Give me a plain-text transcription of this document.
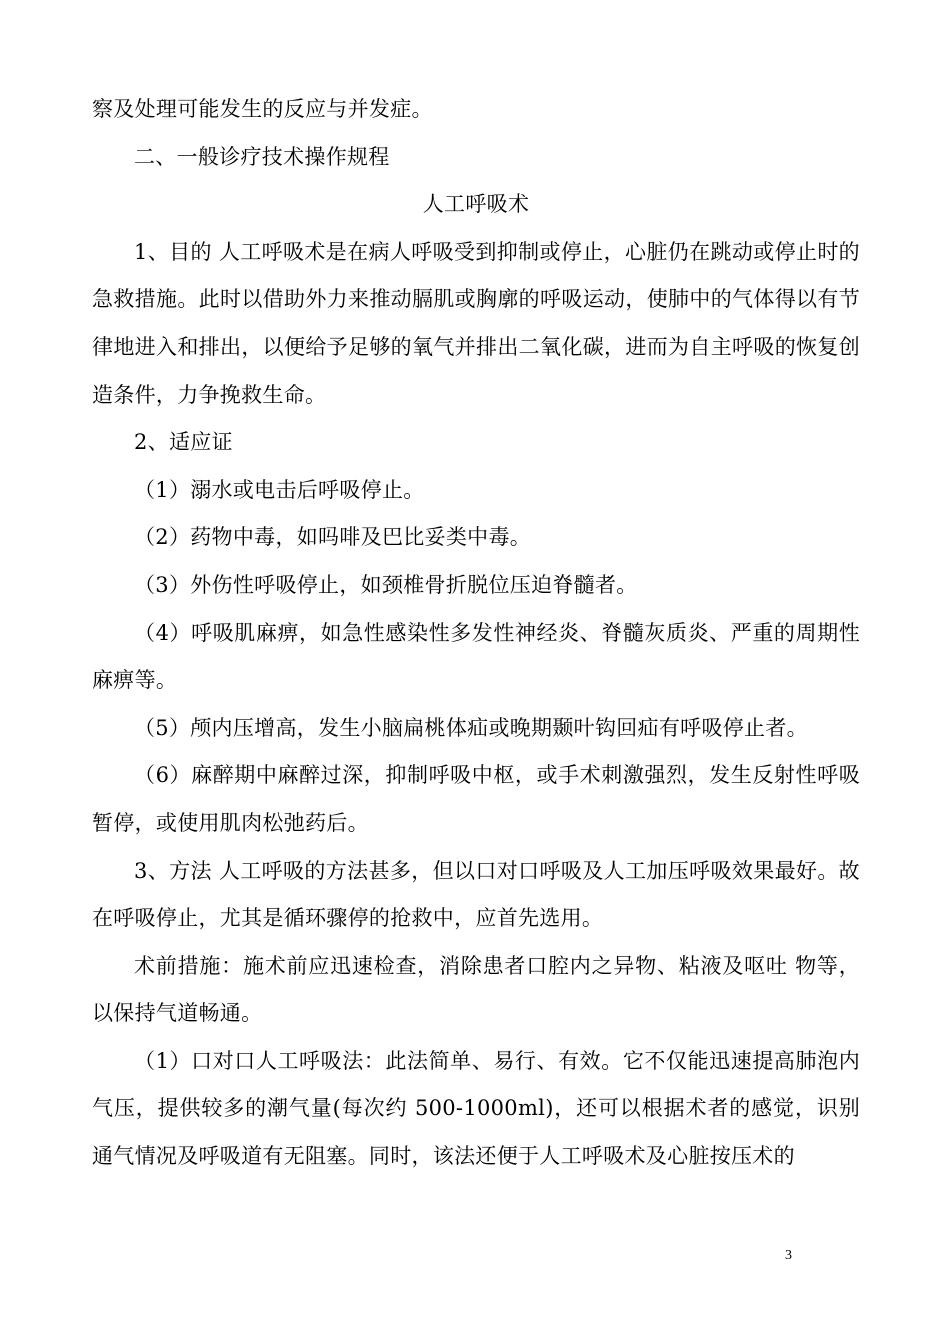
察及处理可能发生的反应与并发症。

二、一般诊疗技术操作规程

人工呼吸术

1、目的 人工呼吸术是在病人呼吸受到抑制或停止，心脏仍在跳动或停止时的急救措施。此时以借助外力来推动膈肌或胸廓的呼吸运动，使肺中的气体得以有节律地进入和排出，以便给予足够的氧气并排出二氧化碳，进而为自主呼吸的恢复创造条件，力争挽救生命。

2、适应证

（1）溺水或电击后呼吸停止。

（2）药物中毒，如吗啡及巴比妥类中毒。

（3）外伤性呼吸停止，如颈椎骨折脱位压迫脊髓者。

（4）呼吸肌麻痹，如急性感染性多发性神经炎、脊髓灰质炎、严重的周期性麻痹等。

（5）颅内压增高，发生小脑扁桃体疝或晚期颞叶钩回疝有呼吸停止者。

（6）麻醉期中麻醉过深，抑制呼吸中枢，或手术刺激强烈，发生反射性呼吸暂停，或使用肌肉松弛药后。

3、方法 人工呼吸的方法甚多，但以口对口呼吸及人工加压呼吸效果最好。故在呼吸停止，尤其是循环骤停的抢救中，应首先选用。

术前措施：施术前应迅速检查，消除患者口腔内之异物、粘液及呕吐 物等，以保持气道畅通。

（1）口对口人工呼吸法：此法简单、易行、有效。它不仅能迅速提高肺泡内气压，提供较多的潮气量(每次约 500-1000ml)，还可以根据术者的感觉，识别通气情况及呼吸道有无阻塞。同时，该法还便于人工呼吸术及心脏按压术的

3
